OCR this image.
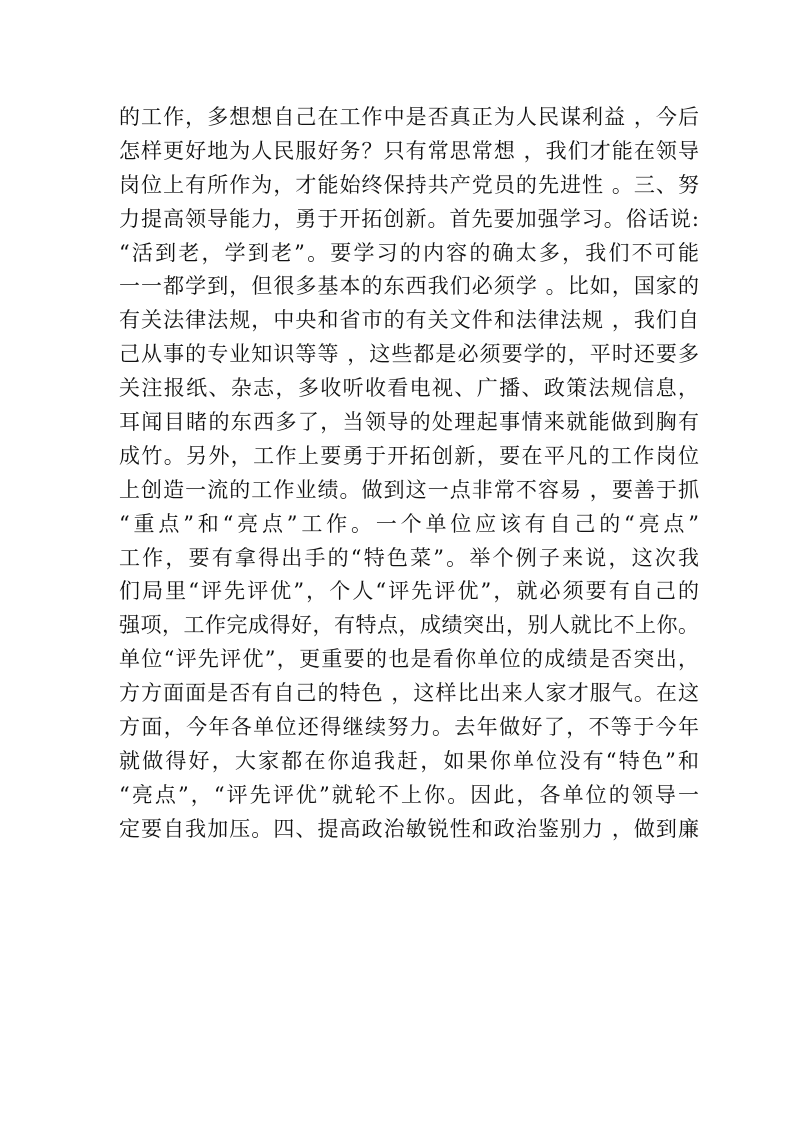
的工作，多想想自己在工作中是否真正为人民谋利益 ，今后
怎样更好地为人民服好务？只有常思常想 ，我们才能在领导
岗位上有所作为，才能始终保持共产党员的先进性 。三、努
力提高领导能力，勇于开拓创新。首先要加强学习。俗话说:
“活到老，学到老”。要学习的内容的确太多，我们不可能
一一都学到，但很多基本的东西我们必须学 。比如，国家的
有关法律法规，中央和省市的有关文件和法律法规 ，我们自
己从事的专业知识等等 ，这些都是必须要学的，平时还要多
关注报纸、杂志，多收听收看电视、广播、政策法规信息，
耳闻目睹的东西多了，当领导的处理起事情来就能做到胸有
成竹。另外，工作上要勇于开拓创新，要在平凡的工作岗位
上创造一流的工作业绩。做到这一点非常不容易 ，要善于抓
“重点”和“亮点”工作。一个单位应该有自己的“亮点”
工作，要有拿得出手的“特色菜”。举个例子来说，这次我
们局里“评先评优”，个人“评先评优”，就必须要有自己的
强项，工作完成得好，有特点，成绩突出，别人就比不上你。
单位“评先评优”，更重要的也是看你单位的成绩是否突出，
方方面面是否有自己的特色 ，这样比出来人家才服气。在这
方面，今年各单位还得继续努力。去年做好了，不等于今年
就做得好，大家都在你追我赶，如果你单位没有“特色”和
“亮点”，“评先评优”就轮不上你。因此，各单位的领导一
定要自我加压。四、提高政治敏锐性和政治鉴别力 ，做到廉
